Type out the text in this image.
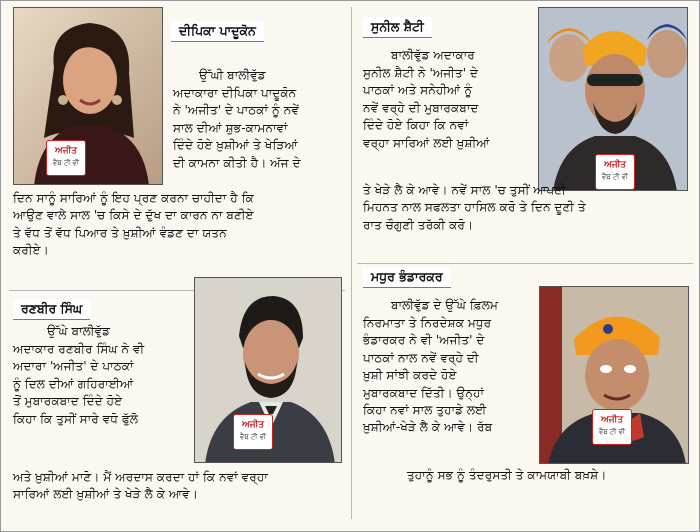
ਅਜੀਤ
ਵੈਬ ਟੀ ਵੀ
ਦੀਪਿਕਾ ਪਾਦੂਕੋਨ
ਉੱਘੀ ਬਾਲੀਵੁੱਡ
ਅਦਾਕਾਰਾ ਦੀਪਿਕਾ ਪਾਦੂਕੋਨ
ਨੇ 'ਅਜੀਤ' ਦੇ ਪਾਠਕਾਂ ਨੂੰ ਨਵੇਂ
ਸਾਲ ਦੀਆਂ ਸ਼ੁਭ-ਕਾਮਨਾਵਾਂ
ਦਿੰਦੇ ਹੋਏ ਖ਼ੁਸ਼ੀਆਂ ਤੇ ਖੇੜਿਆਂ
ਦੀ ਕਾਮਨਾ ਕੀਤੀ ਹੈ। ਅੱਜ ਦੇ
ਦਿਨ ਸਾਨੂੰ ਸਾਰਿਆਂ ਨੂੰ ਇਹ ਪ੍ਰਣ ਕਰਨਾ ਚਾਹੀਦਾ ਹੈ ਕਿ
ਆਉਣ ਵਾਲੇ ਸਾਲ 'ਚ ਕਿਸੇ ਦੇ ਦੁੱਖ ਦਾ ਕਾਰਨ ਨਾ ਬਣੀਏ
ਤੇ ਵੱਧ ਤੋਂ ਵੱਧ ਪਿਆਰ ਤੇ ਖ਼ੁਸ਼ੀਆਂ ਵੰਡਣ ਦਾ ਯਤਨ
ਕਰੀਏ।
ਰਣਬੀਰ ਸਿੰਘ
ਅਜੀਤ
ਵੈਬ ਟੀ ਵੀ
ਉੱਘੇ ਬਾਲੀਵੁੱਡ
ਅਦਾਕਾਰ ਰਣਬੀਰ ਸਿੰਘ ਨੇ ਵੀ
ਅਦਾਰਾ 'ਅਜੀਤ' ਦੇ ਪਾਠਕਾਂ
ਨੂੰ ਦਿਲ ਦੀਆਂ ਗਹਿਰਾਈਆਂ
ਤੋਂ ਮੁਬਾਰਕਬਾਦ ਦਿੰਦੇ ਹੋਏ
ਕਿਹਾ ਕਿ ਤੁਸੀਂ ਸਾਰੇ ਵਧੋ ਫੁੱਲੋ
ਅਤੇ ਖ਼ੁਸ਼ੀਆਂ ਮਾਣੋ। ਮੈਂ ਅਰਦਾਸ ਕਰਦਾ ਹਾਂ ਕਿ ਨਵਾਂ ਵਰ੍ਹਾ
ਸਾਰਿਆਂ ਲਈ ਖ਼ੁਸ਼ੀਆਂ ਤੇ ਖੇੜੇ ਲੈ ਕੇ ਆਵੇ।
ਸੁਨੀਲ ਸ਼ੈਟੀ
ਅਜੀਤ
ਵੈਬ ਟੀ ਵੀ
ਬਾਲੀਵੁੱਡ ਅਦਾਕਾਰ
ਸੁਨੀਲ ਸ਼ੈਟੀ ਨੇ 'ਅਜੀਤ' ਦੇ
ਪਾਠਕਾਂ ਅਤੇ ਸਨੇਹੀਆਂ ਨੂੰ
ਨਵੇਂ ਵਰ੍ਹੇ ਦੀ ਮੁਬਾਰਕਬਾਦ
ਦਿੰਦੇ ਹੋਏ ਕਿਹਾ ਕਿ ਨਵਾਂ
ਵਰ੍ਹਾ ਸਾਰਿਆਂ ਲਈ ਖ਼ੁਸ਼ੀਆਂ
ਤੇ ਖੇੜੇ ਲੈ ਕੇ ਆਵੇ। ਨਵੇਂ ਸਾਲ 'ਚ ਤੁਸੀਂ ਆਪਣੀ
ਮਿਹਨਤ ਨਾਲ ਸਫਲਤਾ ਹਾਸਿਲ ਕਰੋ ਤੇ ਦਿਨ ਦੂਣੀ ਤੇ
ਰਾਤ ਚੌਗੁਣੀ ਤਰੱਕੀ ਕਰੋ।
ਮਧੁਰ ਭੰਡਾਰਕਰ
ਅਜੀਤ
ਵੈਬ ਟੀ ਵੀ
ਬਾਲੀਵੁੱਡ ਦੇ ਉੱਘੇ ਫ਼ਿਲਮ
ਨਿਰਮਾਤਾ ਤੇ ਨਿਰਦੇਸ਼ਕ ਮਧੁਰ
ਭੰਡਾਰਕਰ ਨੇ ਵੀ 'ਅਜੀਤ' ਦੇ
ਪਾਠਕਾਂ ਨਾਲ ਨਵੇਂ ਵਰ੍ਹੇ ਦੀ
ਖ਼ੁਸ਼ੀ ਸਾਂਝੀ ਕਰਦੇ ਹੋਏ
ਮੁਬਾਰਕਬਾਦ ਦਿੱਤੀ। ਉਨ੍ਹਾਂ
ਕਿਹਾ ਨਵਾਂ ਸਾਲ ਤੁਹਾਡੇ ਲਈ
ਖ਼ੁਸ਼ੀਆਂ-ਖੇੜੇ ਲੈ ਕੇ ਆਵੇ। ਰੱਬ
ਤੁਹਾਨੂੰ ਸਭ ਨੂੰ ਤੰਦਰੁਸਤੀ ਤੇ ਕਾਮਯਾਬੀ ਬਖ਼ਸ਼ੇ।
